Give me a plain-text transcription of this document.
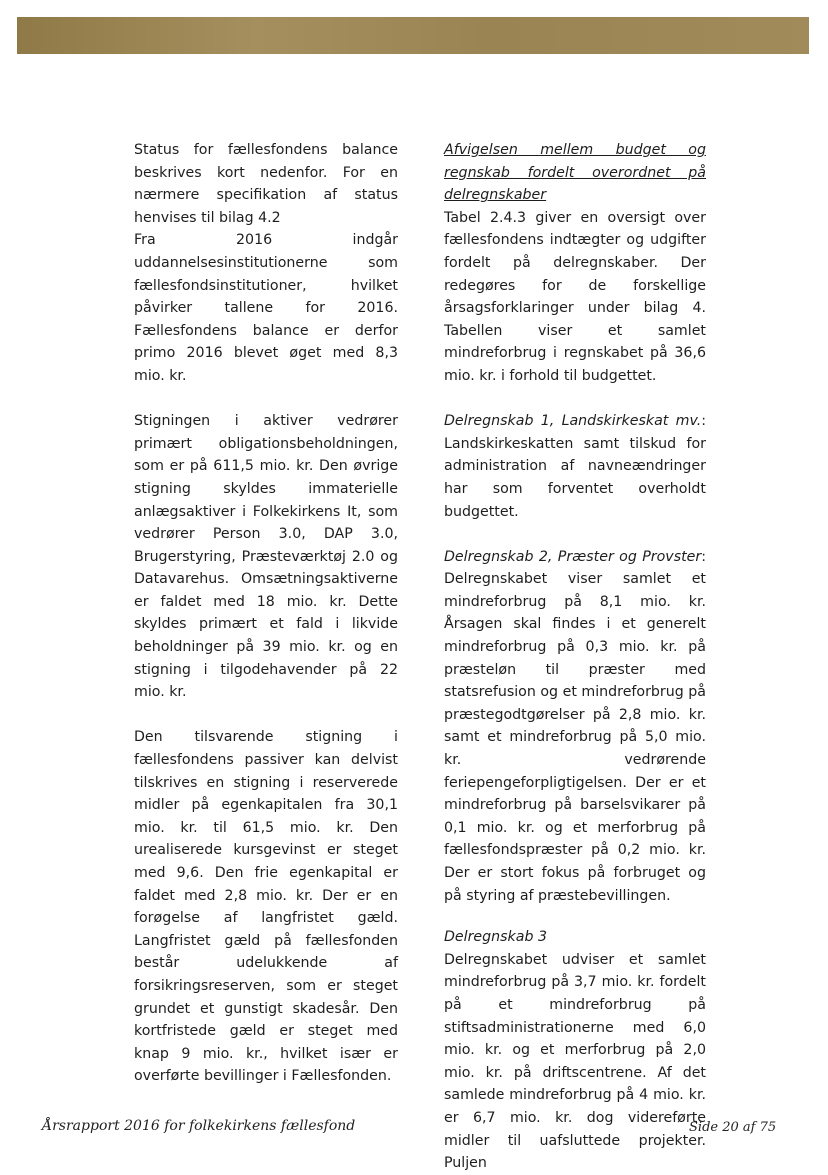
Status for fællesfondens balance beskrives kort nedenfor. For en nærmere specifikation af status henvises til bilag 4.2

Fra 2016 indgår uddannelsesinstitutionerne som fællesfondsinstitutioner, hvilket påvirker tallene for 2016. Fællesfondens balance er derfor primo 2016 blevet øget med 8,3 mio. kr.

Stigningen i aktiver vedrører primært obligationsbeholdningen, som er på 611,5 mio. kr. Den øvrige stigning skyldes immaterielle anlægsaktiver i Folkekirkens It, som vedrører Person 3.0, DAP 3.0, Brugerstyring, Præsteværktøj 2.0 og Datavarehus. Omsætningsaktiverne er faldet med 18 mio. kr. Dette skyldes primært et fald i likvide beholdninger på 39 mio. kr. og en stigning i tilgodehavender på 22 mio. kr.

Den tilsvarende stigning i fællesfondens passiver kan delvist tilskrives en stigning i reserverede midler på egenkapitalen fra 30,1 mio. kr. til 61,5 mio. kr. Den urealiserede kursgevinst er steget med 9,6. Den frie egenkapital er faldet med 2,8 mio. kr. Der er en forøgelse af langfristet gæld. Langfristet gæld på fællesfonden består udelukkende af forsikringsreserven, som er steget grundet et gunstigt skadesår. Den kortfristede gæld er steget med knap 9 mio. kr., hvilket især er overførte bevillinger i Fællesfonden.

Afvigelsen mellem budget og regnskab fordelt overordnet på delregnskaber

Tabel 2.4.3 giver en oversigt over fællesfondens indtægter og udgifter fordelt på delregnskaber. Der redegøres for de forskellige årsagsforklaringer under bilag 4. Tabellen viser et samlet mindreforbrug i regnskabet på 36,6 mio. kr. i forhold til budgettet.

Delregnskab 1, Landskirkeskat mv.: Landskirkeskatten samt tilskud for administration af navneændringer har som forventet overholdt budgettet.

Delregnskab 2, Præster og Provster: Delregnskabet viser samlet et mindreforbrug på 8,1 mio. kr. Årsagen skal findes i et generelt mindreforbrug på 0,3 mio. kr. på præsteløn til præster med statsrefusion og et mindreforbrug på præstegodtgørelser på 2,8 mio. kr. samt et mindreforbrug på 5,0 mio. kr. vedrørende feriepengeforpligtigelsen. Der er et mindreforbrug på barselsvikarer på 0,1 mio. kr. og et merforbrug på fællesfondspræster på 0,2 mio. kr. Der er stort fokus på forbruget og på styring af præstebevillingen.

Delregnskab 3

Delregnskabet udviser et samlet mindreforbrug på 3,7 mio. kr. fordelt på et mindreforbrug på stiftsadministrationerne med 6,0 mio. kr. og et merforbrug på 2,0 mio. kr. på driftscentrene. Af det samlede mindreforbrug på 4 mio. kr. er 6,7 mio. kr. dog videreførte midler til uafsluttede projekter. Puljen

Årsrapport 2016 for folkekirkens fællesfond	Side 20 af 75
